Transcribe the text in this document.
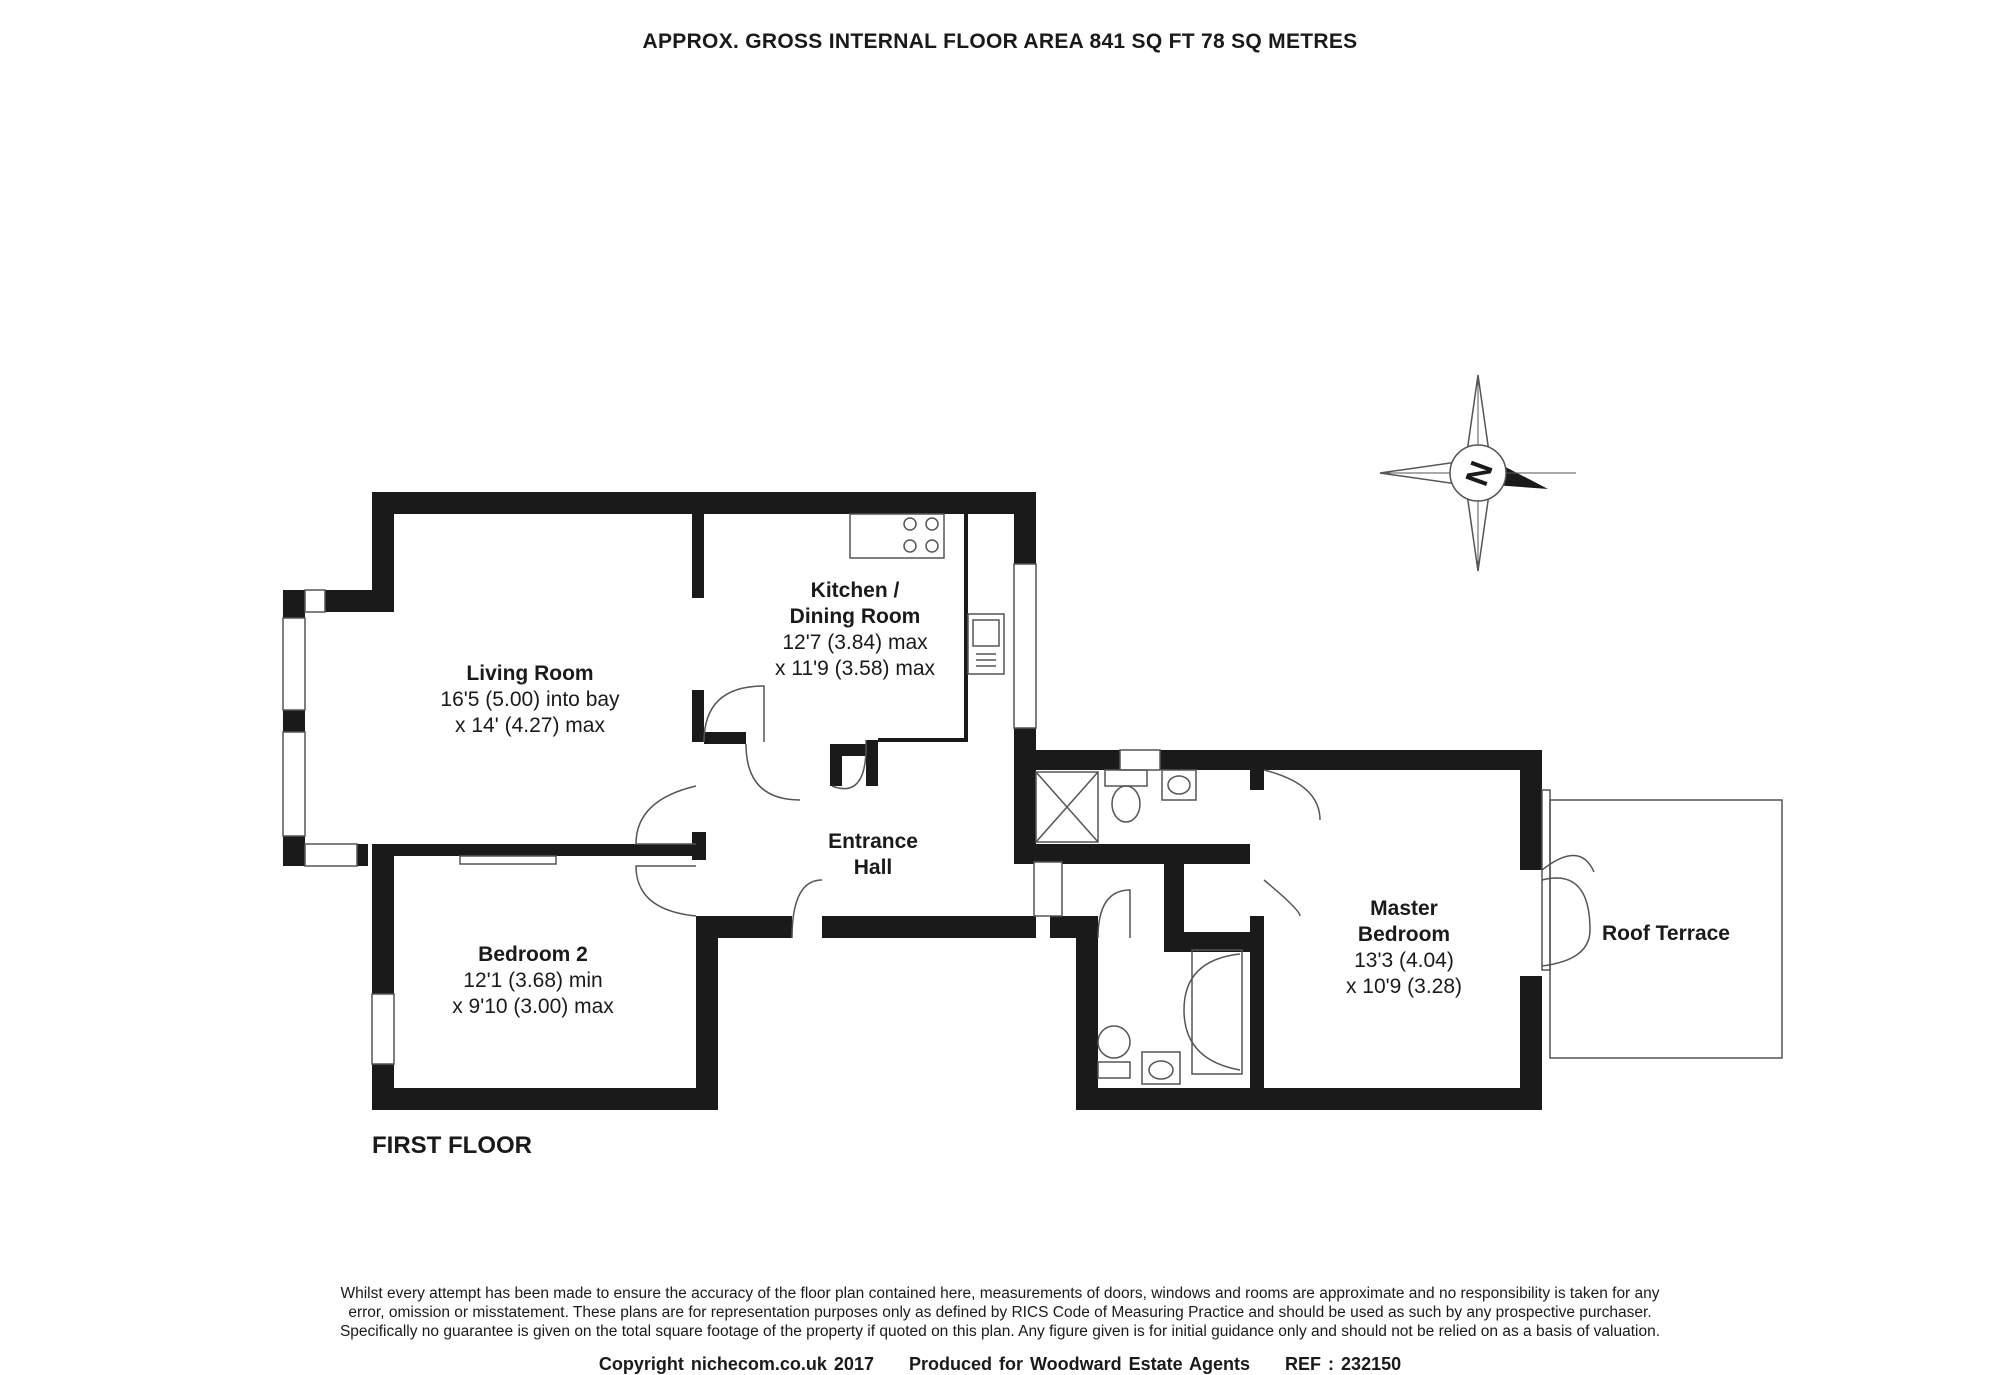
APPROX. GROSS INTERNAL FLOOR AREA 841 SQ FT 78 SQ METRES
N
Living Room
16'5 (5.00) into bay
x 14' (4.27) max
Kitchen /
Dining Room
12'7 (3.84) max
x 11'9 (3.58) max
Entrance
Hall
Bedroom 2
12'1 (3.68) min
x 9'10 (3.00) max
Master
Bedroom
13'3 (4.04)
x 10'9 (3.28)
Roof Terrace
FIRST FLOOR
Whilst every attempt has been made to ensure the accuracy of the floor plan contained here, measurements of doors, windows and rooms are approximate and no responsibility is taken for any
error, omission or misstatement. These plans are for representation purposes only as defined by RICS Code of Measuring Practice and should be used as such by any prospective purchaser.
Specifically no guarantee is given on the total square footage of the property if quoted on this plan. Any figure given is for initial guidance only and should not be relied on as a basis of valuation.
Copyright nichecom.co.uk 2017 Produced for Woodward Estate Agents REF : 232150
